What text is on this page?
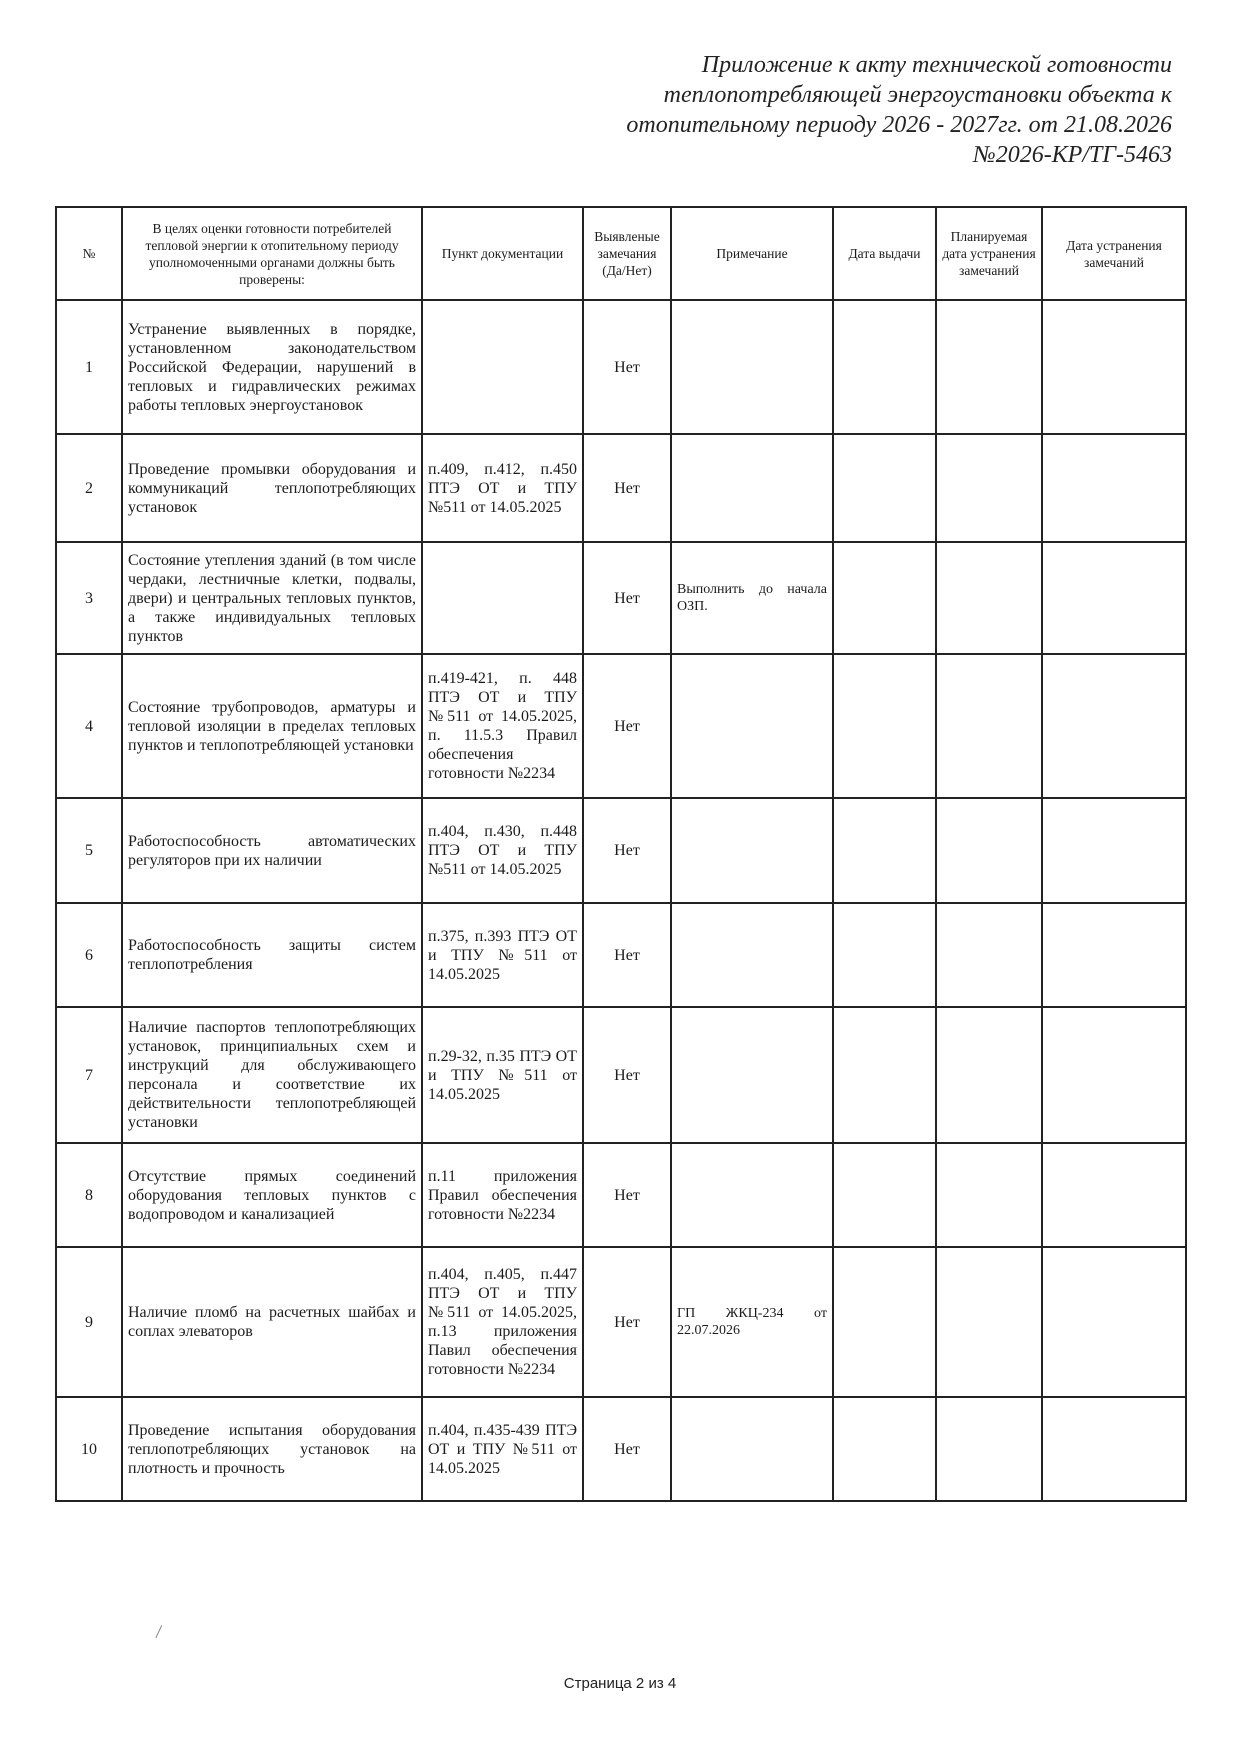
Приложение к акту технической готовности
теплопотребляющей энергоустановки объекта к
отопительному периоду 2026 - 2027гг. от 21.08.2026
№2026-КР/ТГ-5463
№	В целях оценки готовности потребителей тепловой энергии к отопительному периоду уполномоченными органами должны быть проверены:	Пункт документации	Выявленые замечания (Да/Нет)	Примечание	Дата выдачи	Планируемая дата устранения замечаний	Дата устранения замечаний
1	Устранение выявленных в порядке, установленном законодательством Российской Федерации, нарушений в тепловых и гидравлических режимах работы тепловых энергоустановок		Нет				
2	Проведение промывки оборудования и коммуникаций теплопотребляющих установок	п.409, п.412, п.450 ПТЭ ОТ и ТПУ №511 от 14.05.2025	Нет				
3	Состояние утепления зданий (в том числе чердаки, лестничные клетки, подвалы, двери) и центральных тепловых пунктов, а также индивидуальных тепловых пунктов		Нет	Выполнить до начала ОЗП.			
4	Состояние трубопроводов, арматуры и тепловой изоляции в пределах тепловых пунктов и теплопотребляющей установки	п.419-421, п. 448 ПТЭ ОТ и ТПУ №511 от 14.05.2025, п. 11.5.3 Правил обеспечения готовности №2234	Нет				
5	Работоспособность автоматических регуляторов при их наличии	п.404, п.430, п.448 ПТЭ ОТ и ТПУ №511 от 14.05.2025	Нет				
6	Работоспособность защиты систем теплопотребления	п.375, п.393 ПТЭ ОТ и ТПУ №511 от 14.05.2025	Нет				
7	Наличие паспортов теплопотребляющих установок, принципиальных схем и инструкций для обслуживающего персонала и соответствие их действительности теплопотребляющей установки	п.29-32, п.35 ПТЭ ОТ и ТПУ №511 от 14.05.2025	Нет				
8	Отсутствие прямых соединений оборудования тепловых пунктов с водопроводом и канализацией	п.11 приложения Правил обеспечения готовности №2234	Нет				
9	Наличие пломб на расчетных шайбах и соплах элеваторов	п.404, п.405, п.447 ПТЭ ОТ и ТПУ №511 от 14.05.2025, п.13 приложения Павил обеспечения готовности №2234	Нет	ГП ЖКЦ-234 от 22.07.2026			
10	Проведение испытания оборудования теплопотребляющих установок на плотность и прочность	п.404, п.435-439 ПТЭ ОТ и ТПУ №511 от 14.05.2025	Нет				
Страница 2 из 4
